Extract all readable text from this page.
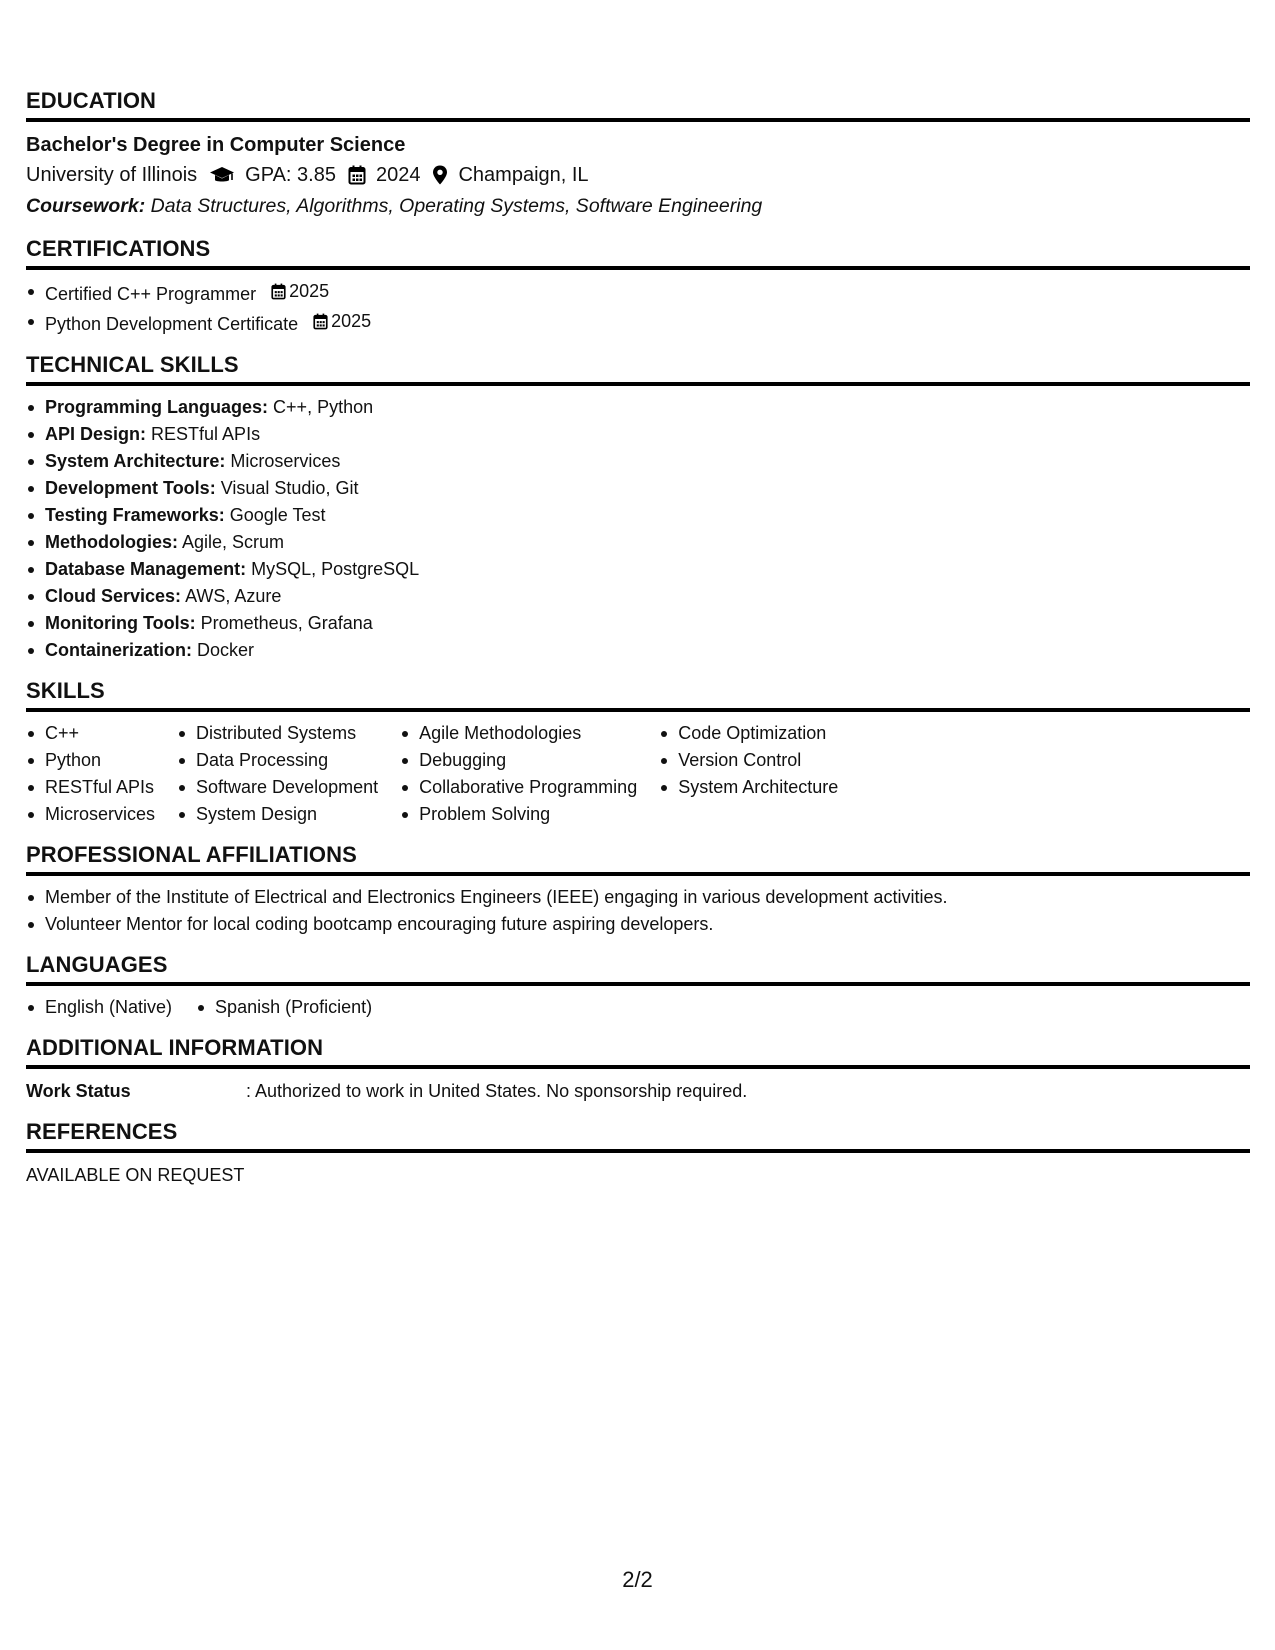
EDUCATION
Bachelor's Degree in Computer Science
University of Illinois GPA: 3.85 2024 Champaign, IL
Coursework: Data Structures, Algorithms, Operating Systems, Software Engineering
CERTIFICATIONS
Certified C++ Programmer 2025
Python Development Certificate 2025
TECHNICAL SKILLS
Programming Languages: C++, Python
API Design: RESTful APIs
System Architecture: Microservices
Development Tools: Visual Studio, Git
Testing Frameworks: Google Test
Methodologies: Agile, Scrum
Database Management: MySQL, PostgreSQL
Cloud Services: AWS, Azure
Monitoring Tools: Prometheus, Grafana
Containerization: Docker
SKILLS
C++
Python
RESTful APIs
Microservices
Distributed Systems
Data Processing
Software Development
System Design
Agile Methodologies
Debugging
Collaborative Programming
Problem Solving
Code Optimization
Version Control
System Architecture
PROFESSIONAL AFFILIATIONS
Member of the Institute of Electrical and Electronics Engineers (IEEE) engaging in various development activities.
Volunteer Mentor for local coding bootcamp encouraging future aspiring developers.
LANGUAGES
English (Native)	Spanish (Proficient)
ADDITIONAL INFORMATION
Work Status	: Authorized to work in United States. No sponsorship required.
REFERENCES
AVAILABLE ON REQUEST
2/2
